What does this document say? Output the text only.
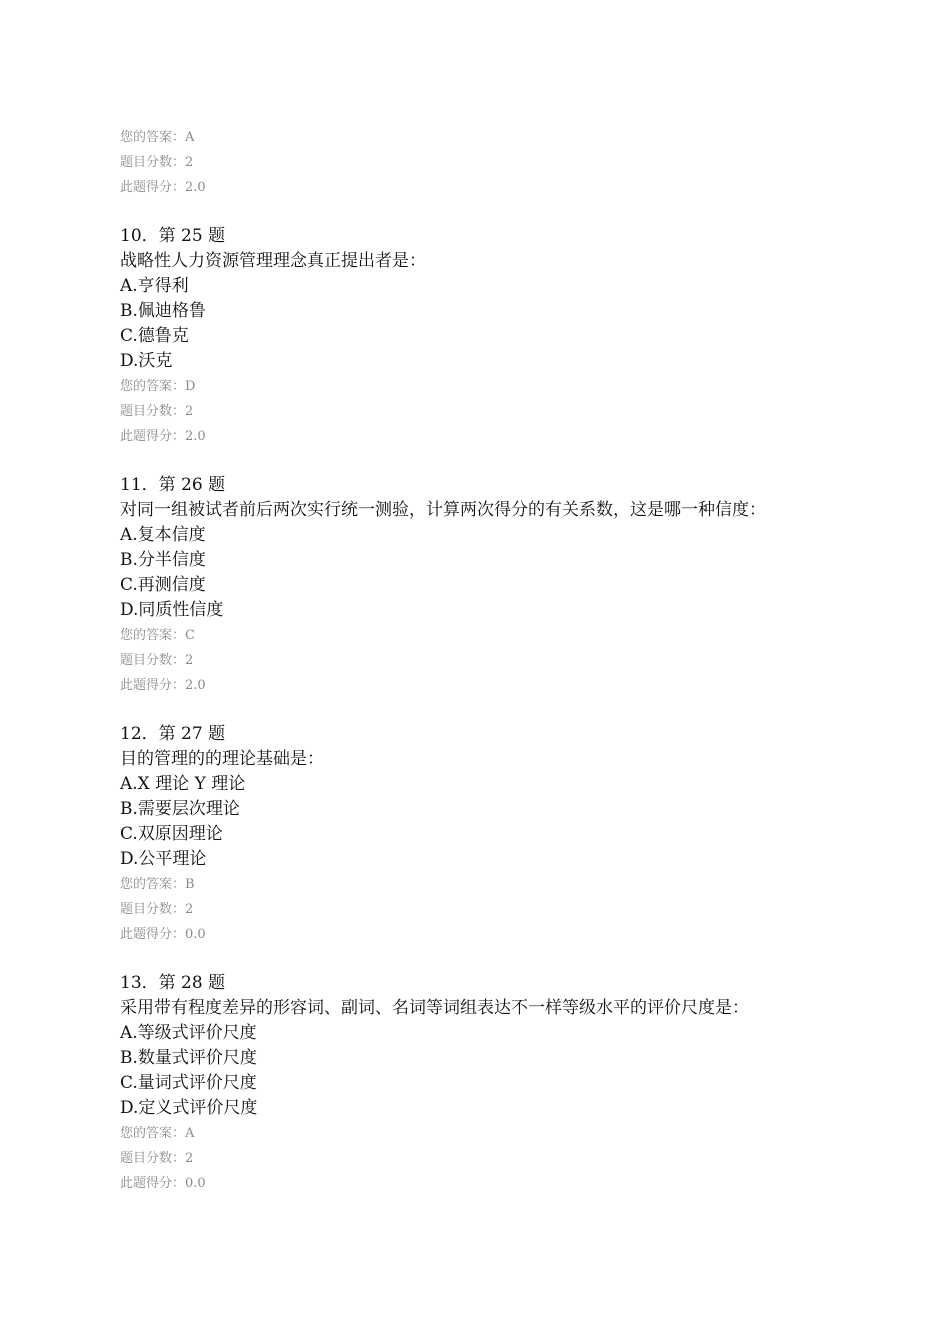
您的答案：A
题目分数：2
此题得分：2.0
10．第 25 题
战略性人力资源管理理念真正提出者是：
A.亨得利
B.佩迪格鲁
C.德鲁克
D.沃克
您的答案：D
题目分数：2
此题得分：2.0
11．第 26 题
对同一组被试者前后两次实行统一测验，计算两次得分的有关系数，这是哪一种信度：
A.复本信度
B.分半信度
C.再测信度
D.同质性信度
您的答案：C
题目分数：2
此题得分：2.0
12．第 27 题
目的管理的的理论基础是：
A.X 理论 Y 理论
B.需要层次理论
C.双原因理论
D.公平理论
您的答案：B
题目分数：2
此题得分：0.0
13．第 28 题
采用带有程度差异的形容词、副词、名词等词组表达不一样等级水平的评价尺度是：
A.等级式评价尺度
B.数量式评价尺度
C.量词式评价尺度
D.定义式评价尺度
您的答案：A
题目分数：2
此题得分：0.0
